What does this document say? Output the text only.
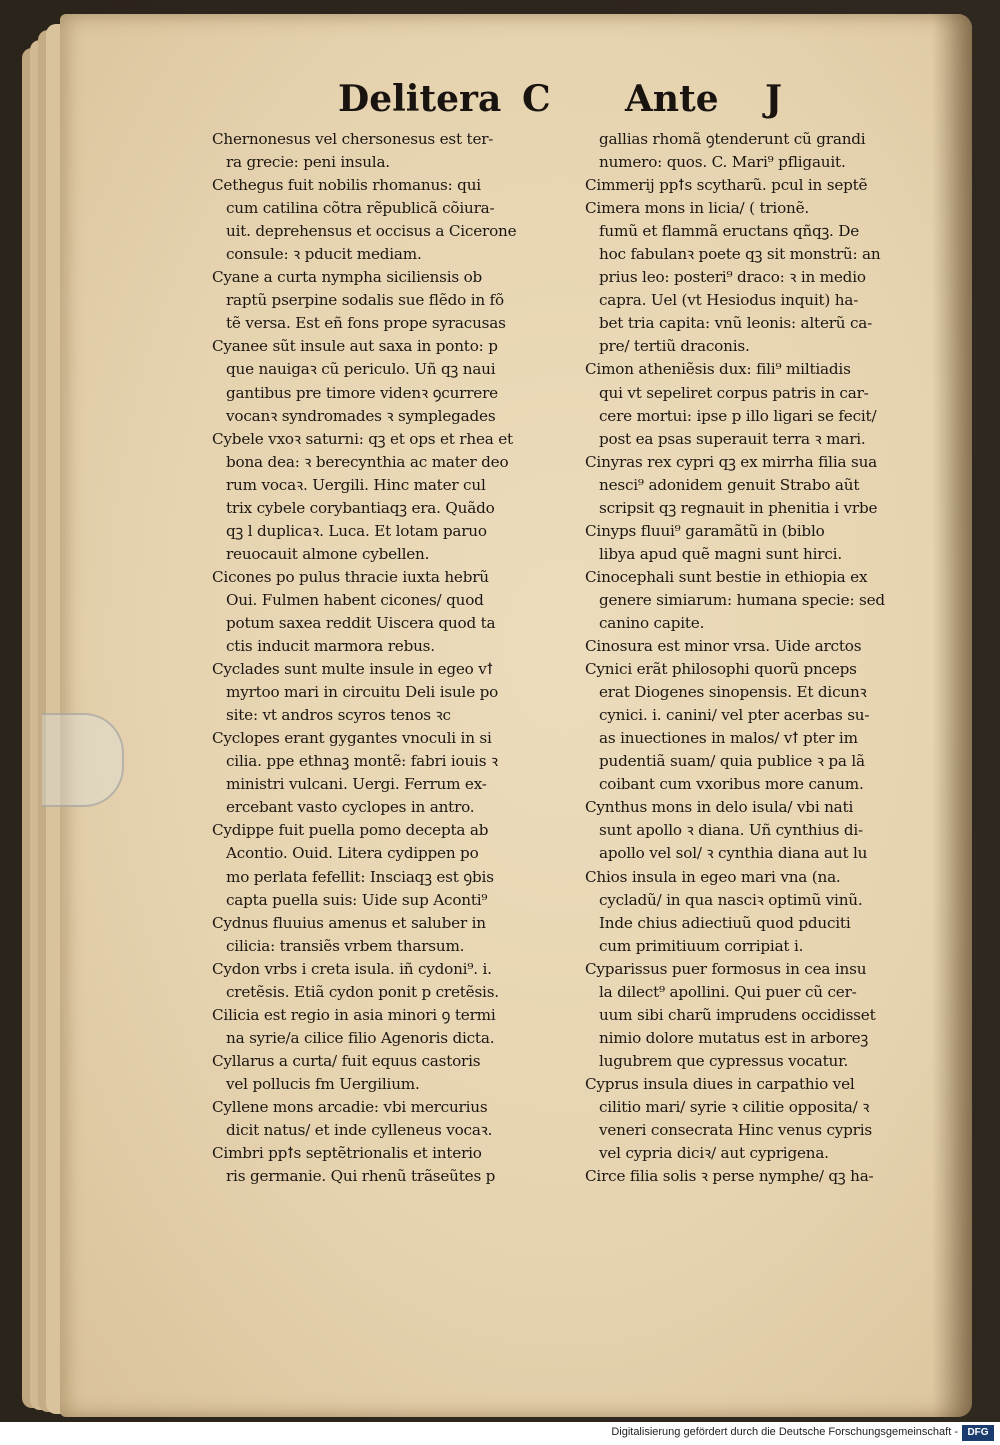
Delitera C Ante J
Chernonesus vel chersonesus est ter-
ra grecie: peni insula.
Cethegus fuit nobilis rhomanus: qui
cum catilina cõtra rẽpublicã cõiura-
uit. deprehensus et occisus a Cicerone
consule: ꝛ pducit mediam.
Cyane a curta nympha siciliensis ob
raptũ pserpine sodalis sue flẽdo in fõ
tẽ versa. Est eñ fons prope syracusas
Cyanee sũt insule aut saxa in ponto: p
que nauigaꝛ cũ periculo. Uñ qꝫ naui
gantibus pre timore videnꝛ ꝯcurrere
vocanꝛ syndromades ꝛ symplegades
Cybele vxoꝛ saturni: qꝫ et ops et rhea et
bona dea: ꝛ berecynthia ac mater deo
rum vocaꝛ. Uergili. Hinc mater cul
trix cybele corybantiaqꝫ era. Quãdo
qꝫ l duplicaꝛ. Luca. Et lotam paruo
reuocauit almone cybellen.
Cicones po pulus thracie iuxta hebrũ
Oui. Fulmen habent cicones/ quod
potum saxea reddit Uiscera quod ta
ctis inducit marmora rebus.
Cyclades sunt multe insule in egeo vꝉ
myrtoo mari in circuitu Deli isule po
site: vt andros scyros tenos ꝛc
Cyclopes erant gygantes vnoculi in si
cilia. ppe ethnaꝫ montẽ: fabri iouis ꝛ
ministri vulcani. Uergi. Ferrum ex-
ercebant vasto cyclopes in antro.
Cydippe fuit puella pomo decepta ab
Acontio. Ouid. Litera cydippen po
mo perlata fefellit: Insciaqꝫ est ꝯbis
capta puella suis: Uide sup Aconti⁹
Cydnus fluuius amenus et saluber in
cilicia: transiẽs vrbem tharsum.
Cydon vrbs i creta isula. iñ cydoni⁹. i.
cretẽsis. Etiã cydon ponit p cretẽsis.
Cilicia est regio in asia minori ꝯ termi
na syrie/a cilice filio Agenoris dicta.
Cyllarus a curta/ fuit equus castoris
vel pollucis fm Uergilium.
Cyllene mons arcadie: vbi mercurius
dicit natus/ et inde cylleneus vocaꝛ.
Cimbri ppꝉs septẽtrionalis et interio
ris germanie. Qui rhenũ trãseũtes p
gallias rhomã ꝯtenderunt cũ grandi
numero: quos. C. Mari⁹ pfligauit.
Cimmerij ppꝉs scytharũ. pcul in septẽ
Cimera mons in licia/ ( trionẽ.
fumũ et flammã eructans qñqꝫ. De
hoc fabulanꝛ poete qꝫ sit monstrũ: an
prius leo: posteri⁹ draco: ꝛ in medio
capra. Uel (vt Hesiodus inquit) ha-
bet tria capita: vnũ leonis: alterũ ca-
pre/ tertiũ draconis.
Cimon atheniẽsis dux: fili⁹ miltiadis
qui vt sepeliret corpus patris in car-
cere mortui: ipse p illo ligari se fecit/
post ea psas superauit terra ꝛ mari.
Cinyras rex cypri qꝫ ex mirrha filia sua
nesci⁹ adonidem genuit Strabo aũt
scripsit qꝫ regnauit in phenitia i vrbe
Cinyps fluui⁹ garamãtũ in (biblo
libya apud quẽ magni sunt hirci.
Cinocephali sunt bestie in ethiopia ex
genere simiarum: humana specie: sed
canino capite.
Cinosura est minor vrsa. Uide arctos
Cynici erãt philosophi quorũ pnceps
erat Diogenes sinopensis. Et dicunꝛ
cynici. i. canini/ vel pter acerbas su-
as inuectiones in malos/ vꝉ pter im
pudentiã suam/ quia publice ꝛ pa lã
coibant cum vxoribus more canum.
Cynthus mons in delo isula/ vbi nati
sunt apollo ꝛ diana. Uñ cynthius di-
apollo vel sol/ ꝛ cynthia diana aut lu
Chios insula in egeo mari vna (na.
cycladũ/ in qua nasciꝛ optimũ vinũ.
Inde chius adiectiuũ quod pduciti
cum primitiuum corripiat i.
Cyparissus puer formosus in cea insu
la dilect⁹ apollini. Qui puer cũ cer-
uum sibi charũ imprudens occidisset
nimio dolore mutatus est in arboreꝫ
lugubrem que cypressus vocatur.
Cyprus insula diues in carpathio vel
cilitio mari/ syrie ꝛ cilitie opposita/ ꝛ
veneri consecrata Hinc venus cypris
vel cypria diciꝛ/ aut cyprigena.
Circe filia solis ꝛ perse nymphe/ qꝫ ha-
Digitalisierung gefördert durch die Deutsche Forschungsgemeinschaft - DFG
